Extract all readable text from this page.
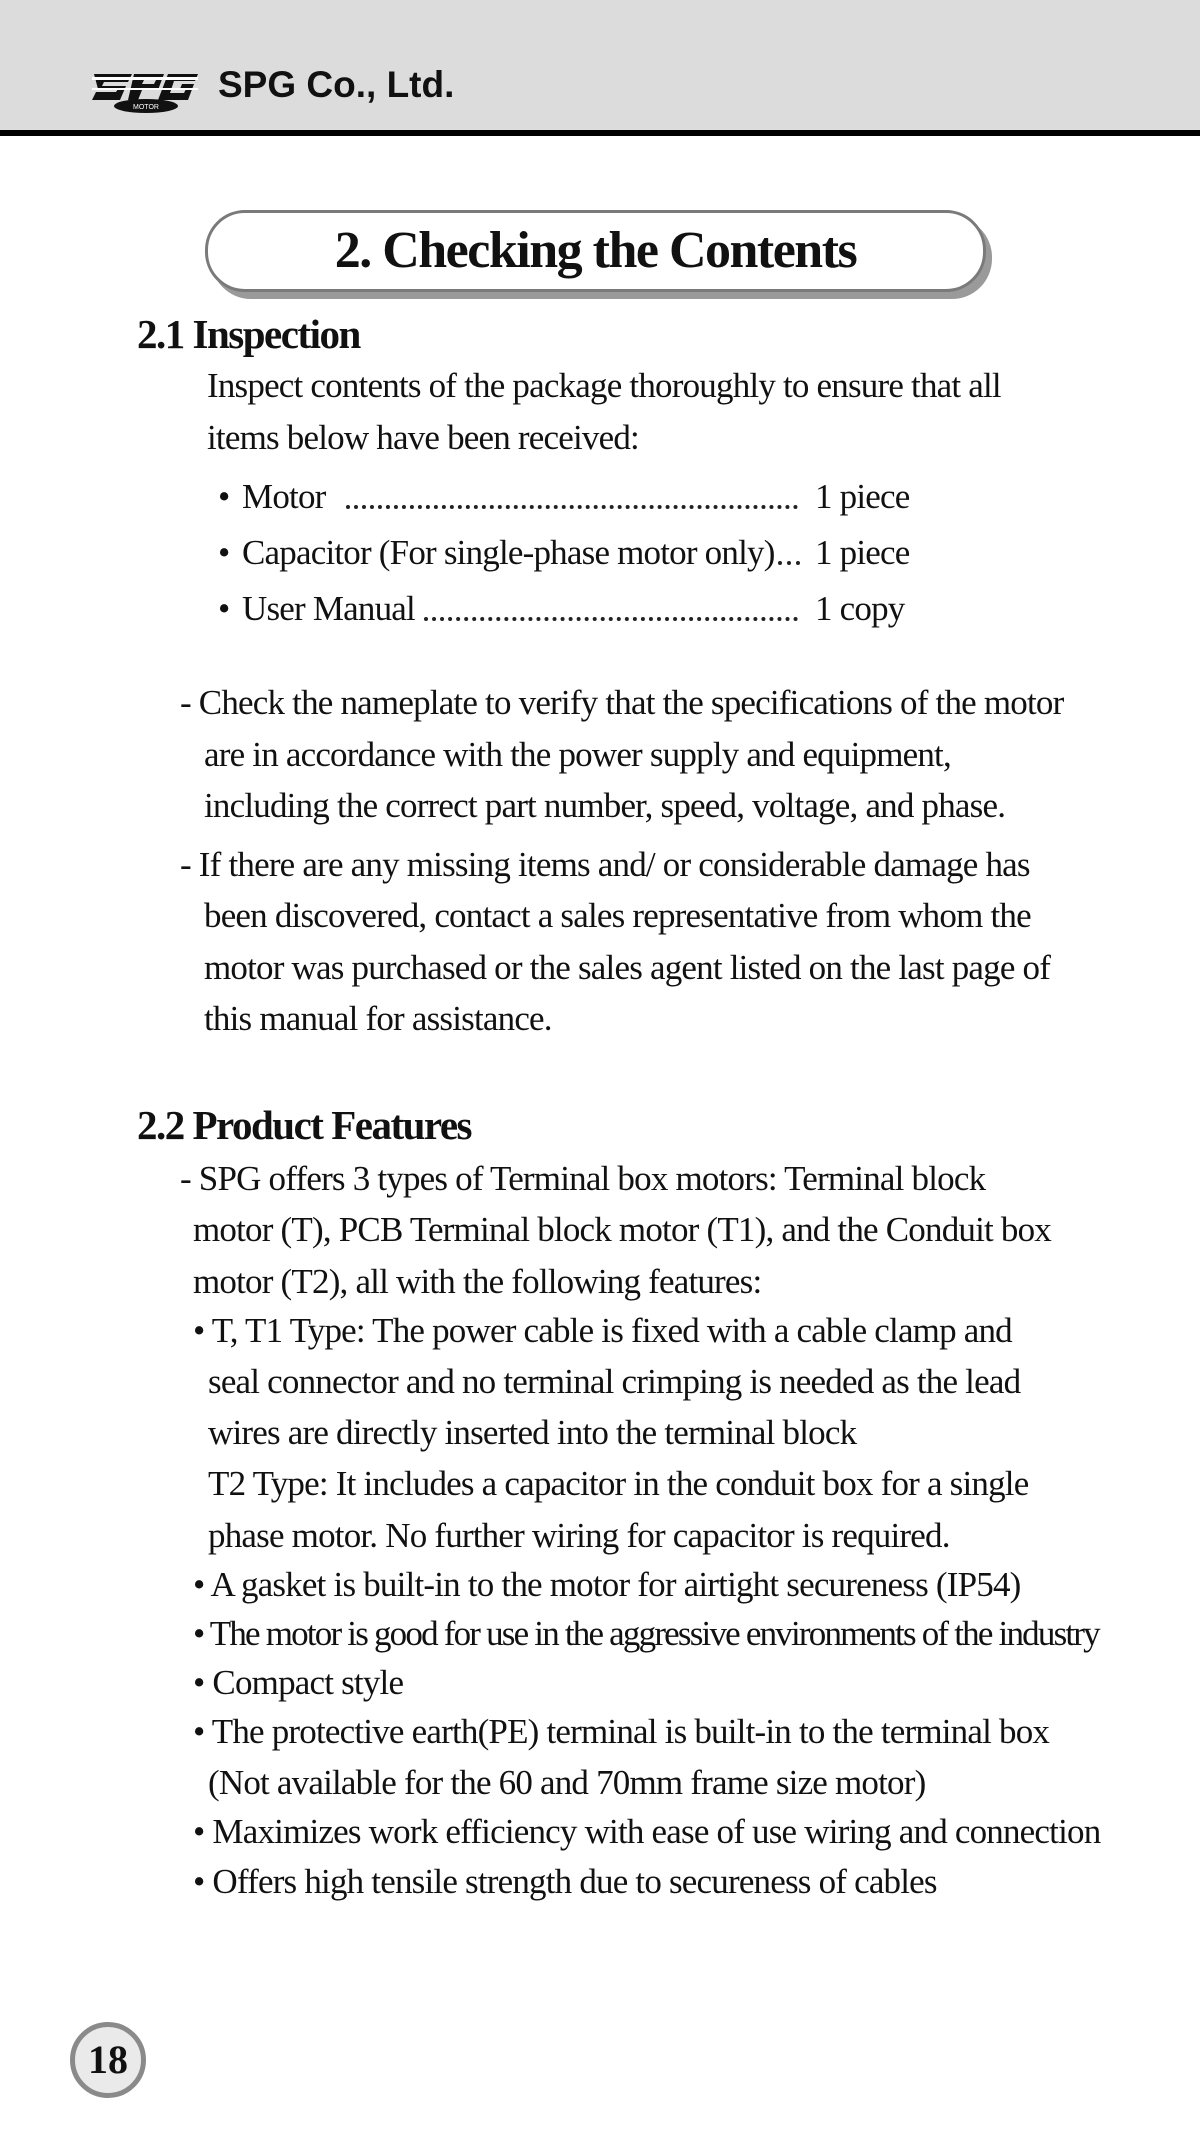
MOTOR
SPG Co., Ltd.
2. Checking the Contents
2.1 Inspection
Inspect contents of the package thoroughly to ensure that all
items below have been received:
• Motor	1 piece
• Capacitor (For single-phase motor only) 1 piece
• User Manual	1 copy
- Check the nameplate to verify that the specifications of the motor
are in accordance with the power supply and equipment,
including the correct part number, speed, voltage, and phase.
- If there are any missing items and/ or considerable damage has
been discovered, contact a sales representative from whom the
motor was purchased or the sales agent listed on the last page of
this manual for assistance.
2.2 Product Features
- SPG offers 3 types of Terminal box motors: Terminal block
motor (T), PCB Terminal block motor (T1), and the Conduit box
motor (T2), all with the following features:
• T, T1 Type: The power cable is fixed with a cable clamp and
seal connector and no terminal crimping is needed as the lead
wires are directly inserted into the terminal block
T2 Type: It includes a capacitor in the conduit box for a single
phase motor. No further wiring for capacitor is required.
• A gasket is built-in to the motor for airtight secureness (IP54)
• The motor is good for use in the aggressive environments of the industry
• Compact style
• The protective earth(PE) terminal is built-in to the terminal box
(Not available for the 60 and 70mm frame size motor)
• Maximizes work efficiency with ease of use wiring and connection
• Offers high tensile strength due to secureness of cables
18
